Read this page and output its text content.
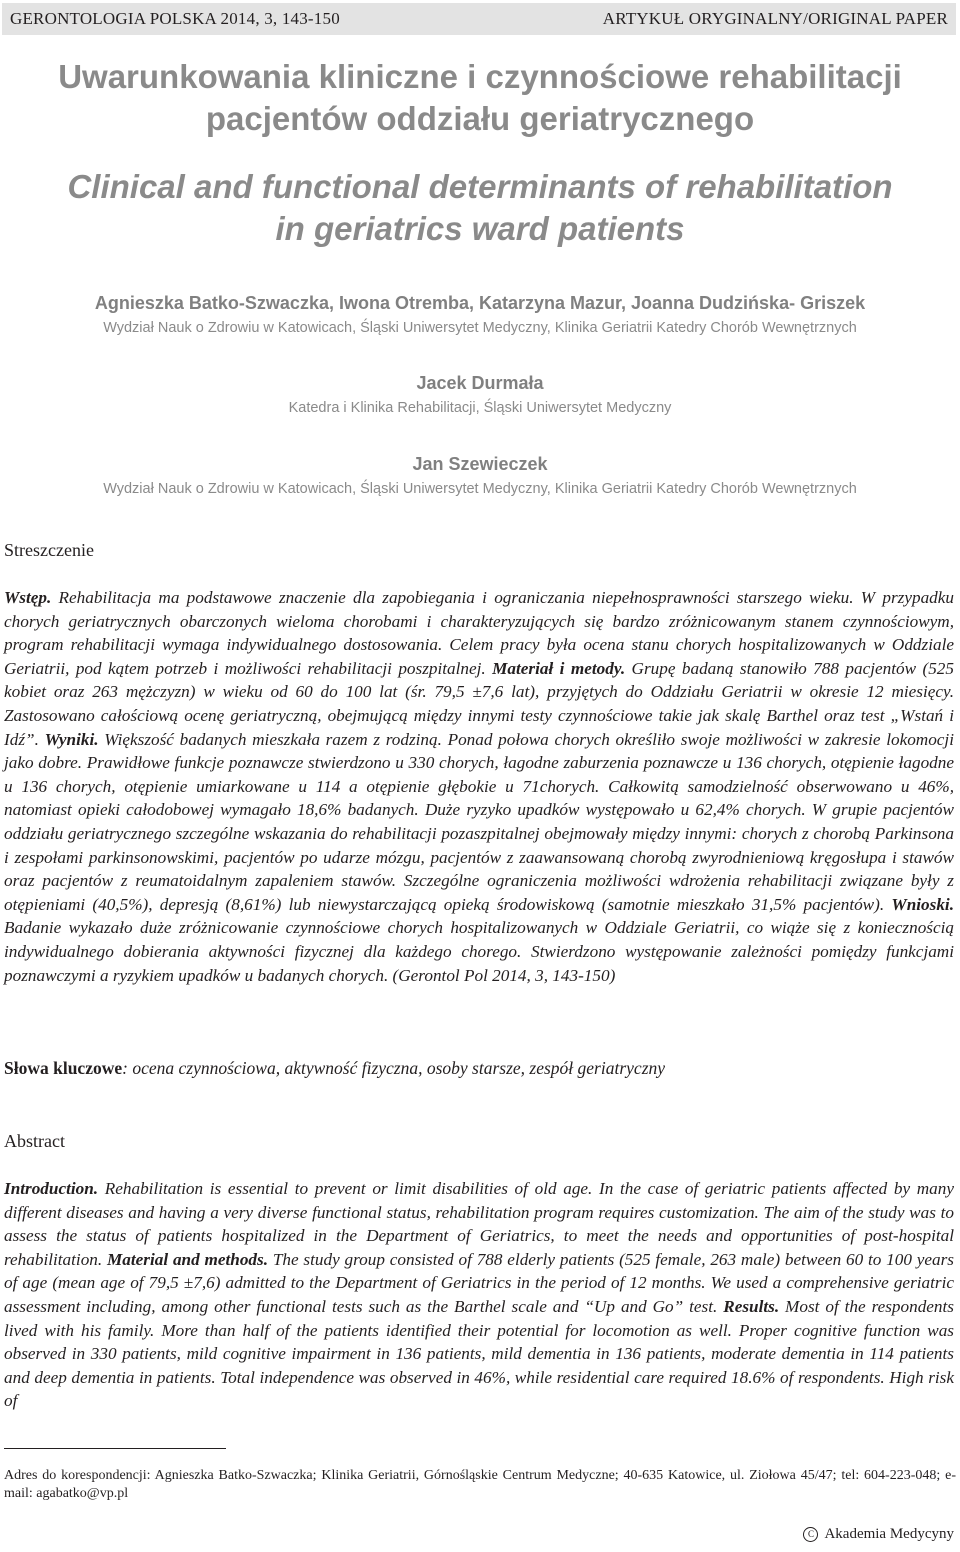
GERONTOLOGIA POLSKA 2014, 3, 143-150	ARTYKUŁ ORYGINALNY/ORIGINAL PAPER
Uwarunkowania kliniczne i czynnościowe rehabilitacji
pacjentów oddziału geriatrycznego
Clinical and functional determinants of rehabilitation
in geriatrics ward patients
Agnieszka Batko-Szwaczka, Iwona Otremba, Katarzyna Mazur, Joanna Dudzińska- Griszek
Wydział Nauk o Zdrowiu w Katowicach, Śląski Uniwersytet Medyczny, Klinika Geriatrii Katedry Chorób Wewnętrznych
Jacek Durmała
Katedra i Klinika Rehabilitacji, Śląski Uniwersytet Medyczny
Jan Szewieczek
Wydział Nauk o Zdrowiu w Katowicach, Śląski Uniwersytet Medyczny, Klinika Geriatrii Katedry Chorób Wewnętrznych
Streszczenie
Wstęp. Rehabilitacja ma podstawowe znaczenie dla zapobiegania i ograniczania niepełnosprawności starszego wieku. W przypadku chorych geriatrycznych obarczonych wieloma chorobami i charakteryzujących się bardzo zróżnicowanym stanem czynnościowym, program rehabilitacji wymaga indywidualnego dostosowania. Celem pracy była ocena stanu chorych hospitalizowanych w Oddziale Geriatrii, pod kątem potrzeb i możliwości rehabilitacji poszpitalnej. Materiał i metody. Grupę badaną stanowiło 788 pacjentów (525 kobiet oraz 263 mężczyzn) w wieku od 60 do 100 lat (śr. 79,5 ±7,6 lat), przyjętych do Oddziału Geriatrii w okresie 12 miesięcy. Zastosowano całościową ocenę geriatryczną, obejmującą między innymi testy czynnościowe takie jak skalę Barthel oraz test „Wstań i Idź”. Wyniki. Większość badanych mieszkała razem z rodziną. Ponad połowa chorych określiło swoje możliwości w zakresie lokomocji jako dobre. Prawidłowe funkcje poznawcze stwierdzono u 330 chorych, łagodne zaburzenia poznawcze u 136 chorych, otępienie łagodne u 136 chorych, otępienie umiarkowane u 114 a otępienie głębokie u 71chorych. Całkowitą samodzielność obserwowano u 46%, natomiast opieki całodobowej wymagało 18,6% badanych. Duże ryzyko upadków występowało u 62,4% chorych. W grupie pacjentów oddziału geriatrycznego szczególne wskazania do rehabilitacji pozaszpitalnej obejmowały między innymi: chorych z chorobą Parkinsona i zespołami parkinsonowskimi, pacjentów po udarze mózgu, pacjentów z zaawansowaną chorobą zwyrodnieniową kręgosłupa i stawów oraz pacjentów z reumatoidalnym zapaleniem stawów. Szczególne ograniczenia możliwości wdrożenia rehabilitacji związane były z otępieniami (40,5%), depresją (8,61%) lub niewystarczającą opieką środowiskową (samotnie mieszkało 31,5% pacjentów). Wnioski. Badanie wykazało duże zróżnicowanie czynnościowe chorych hospitalizowanych w Oddziale Geriatrii, co wiąże się z koniecznością indywidualnego dobierania aktywności fizycznej dla każdego chorego. Stwierdzono występowanie zależności pomiędzy funkcjami poznawczymi a ryzykiem upadków u badanych chorych. (Gerontol Pol 2014, 3, 143-150)
Słowa kluczowe: ocena czynnościowa, aktywność fizyczna, osoby starsze, zespół geriatryczny
Abstract
Introduction. Rehabilitation is essential to prevent or limit disabilities of old age. In the case of geriatric patients affected by many different diseases and having a very diverse functional status, rehabilitation program requires customization. The aim of the study was to assess the status of patients hospitalized in the Department of Geriatrics, to meet the needs and opportunities of post-hospital rehabilitation. Material and methods. The study group consisted of 788 elderly patients (525 female, 263 male) between 60 to 100 years of age (mean age of 79,5 ±7,6) admitted to the Department of Geriatrics in the period of 12 months. We used a comprehensive geriatric assessment including, among other functional tests such as the Barthel scale and “Up and Go” test. Results. Most of the respondents lived with his family. More than half of the patients identified their potential for locomotion as well. Proper cognitive function was observed in 330 patients, mild cognitive impairment in 136 patients, mild dementia in 136 patients, moderate dementia in 114 patients and deep dementia in patients. Total independence was observed in 46%, while residential care required 18.6% of respondents. High risk of
Adres do korespondencji: Agnieszka Batko-Szwaczka; Klinika Geriatrii, Górnośląskie Centrum Medyczne; 40-635 Katowice, ul. Ziołowa 45/47; tel: 604-223-048; e-mail: agabatko@vp.pl
C Akademia Medycyny
